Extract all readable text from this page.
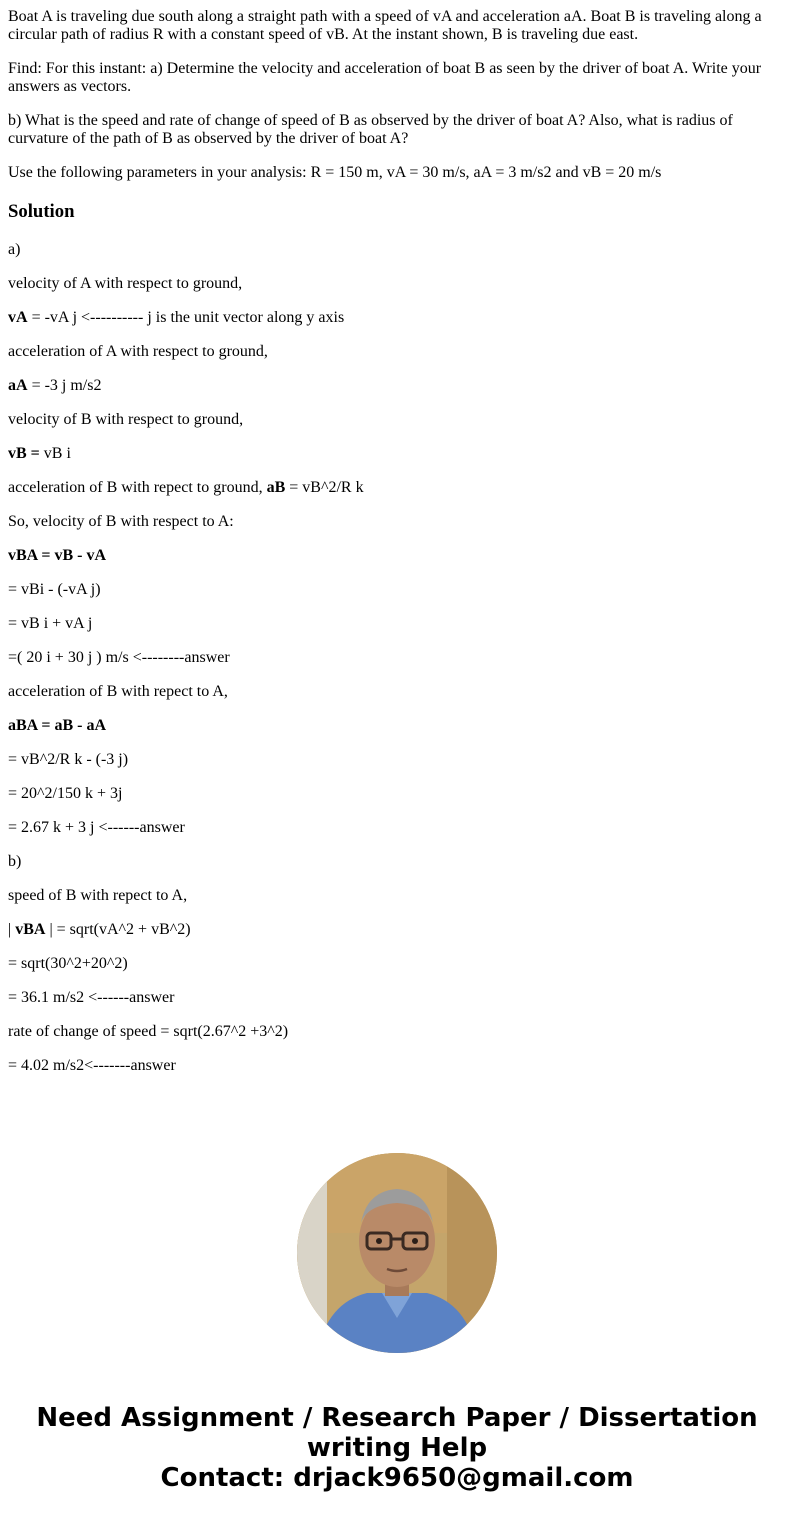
Boat A is traveling due south along a straight path with a speed of vA and acceleration aA. Boat B is traveling along a circular path of radius R with a constant speed of vB. At the instant shown, B is traveling due east.

Find: For this instant: a) Determine the velocity and acceleration of boat B as seen by the driver of boat A. Write your answers as vectors.

b) What is the speed and rate of change of speed of B as observed by the driver of boat A? Also, what is radius of curvature of the path of B as observed by the driver of boat A?

Use the following parameters in your analysis: R = 150 m, vA = 30 m/s, aA = 3 m/s2 and vB = 20 m/s

Solution

a)

velocity of A with respect to ground,

vA = -vA j <---------- j is the unit vector along y axis

acceleration of A with respect to ground,

aA = -3 j m/s2

velocity of B with respect to ground,

vB = vB i

acceleration of B with repect to ground, aB = vB^2/R k

So, velocity of B with respect to A:

vBA = vB - vA

= vBi - (-vA j)

= vB i + vA j

=( 20 i + 30 j ) m/s <--------answer

acceleration of B with repect to A,

aBA = aB - aA

= vB^2/R k - (-3 j)

= 20^2/150 k + 3j

= 2.67 k + 3 j <------answer

b)

speed of B with repect to A,

| vBA | = sqrt(vA^2 + vB^2)

= sqrt(30^2+20^2)

= 36.1 m/s2 <------answer

rate of change of speed = sqrt(2.67^2 +3^2)

= 4.02 m/s2<-------answer

Need Assignment / Research Paper / Dissertation
writing Help
Contact: drjack9650@gmail.com
